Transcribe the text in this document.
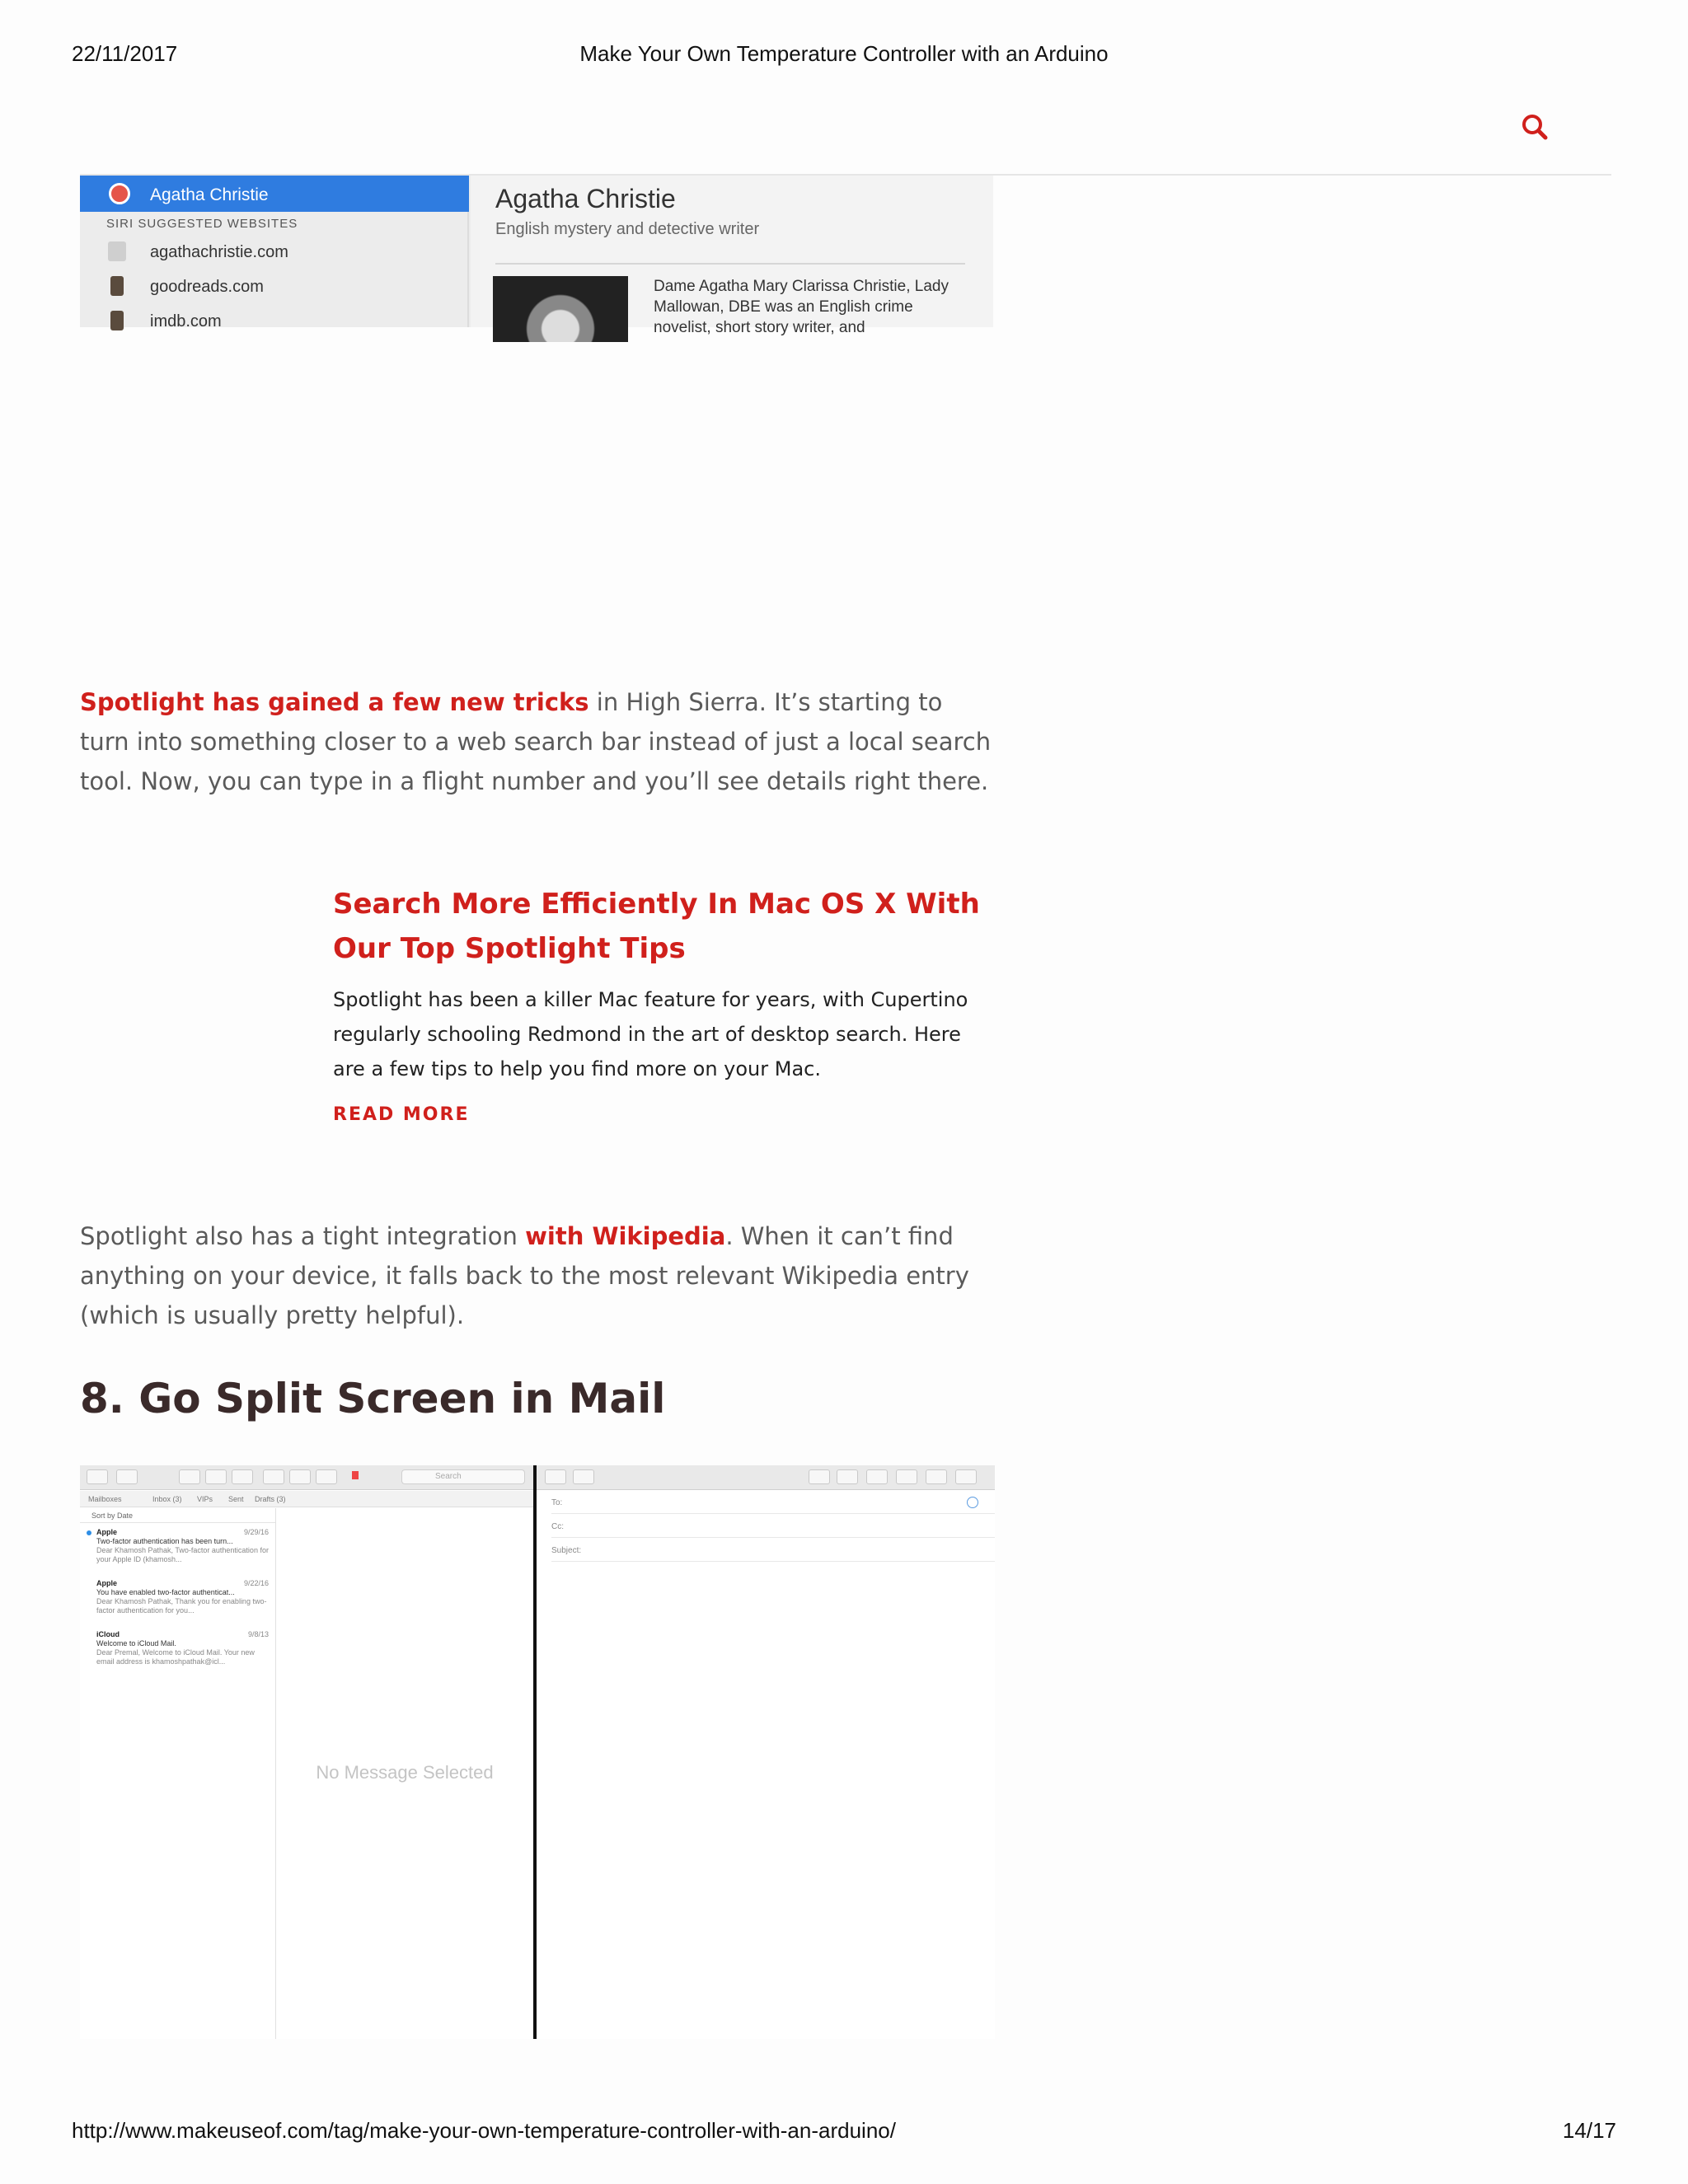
22/11/2017	Make Your Own Temperature Controller with an Arduino
Agatha Christie
SIRI SUGGESTED WEBSITES
agathachristie.com
goodreads.com
imdb.com
Agatha Christie
English mystery and detective writer
Dame Agatha Mary Clarissa Christie, Lady Mallowan, DBE was an English crime novelist, short story writer, and

Spotlight has gained a few new tricks in High Sierra. It’s starting to turn into something closer to a web search bar instead of just a local search tool. Now, you can type in a flight number and you’ll see details right there.

Search More Efficiently In Mac OS X With Our Top Spotlight Tips

Spotlight has been a killer Mac feature for years, with Cupertino regularly schooling Redmond in the art of desktop search. Here are a few tips to help you find more on your Mac.

READ MORE

Spotlight also has a tight integration with Wikipedia. When it can’t find anything on your device, it falls back to the most relevant Wikipedia entry (which is usually pretty helpful).

8. Go Split Screen in Mail
Search
Mailboxes	Inbox (3) VIPs Sent Drafts (3)
Sort by Date
Apple	9/29/16
Two-factor authentication has been turn...
Dear Khamosh Pathak, Two-factor authentication for your Apple ID (khamosh...
Apple	9/22/16
You have enabled two-factor authenticat...
Dear Khamosh Pathak, Thank you for enabling two-factor authentication for you...
iCloud	9/8/13
Welcome to iCloud Mail.
Dear Premal, Welcome to iCloud Mail. Your new email address is khamoshpathak@icl...
No Message Selected
To:
Cc:
Subject:
http://www.makeuseof.com/tag/make-your-own-temperature-controller-with-an-arduino/	14/17
